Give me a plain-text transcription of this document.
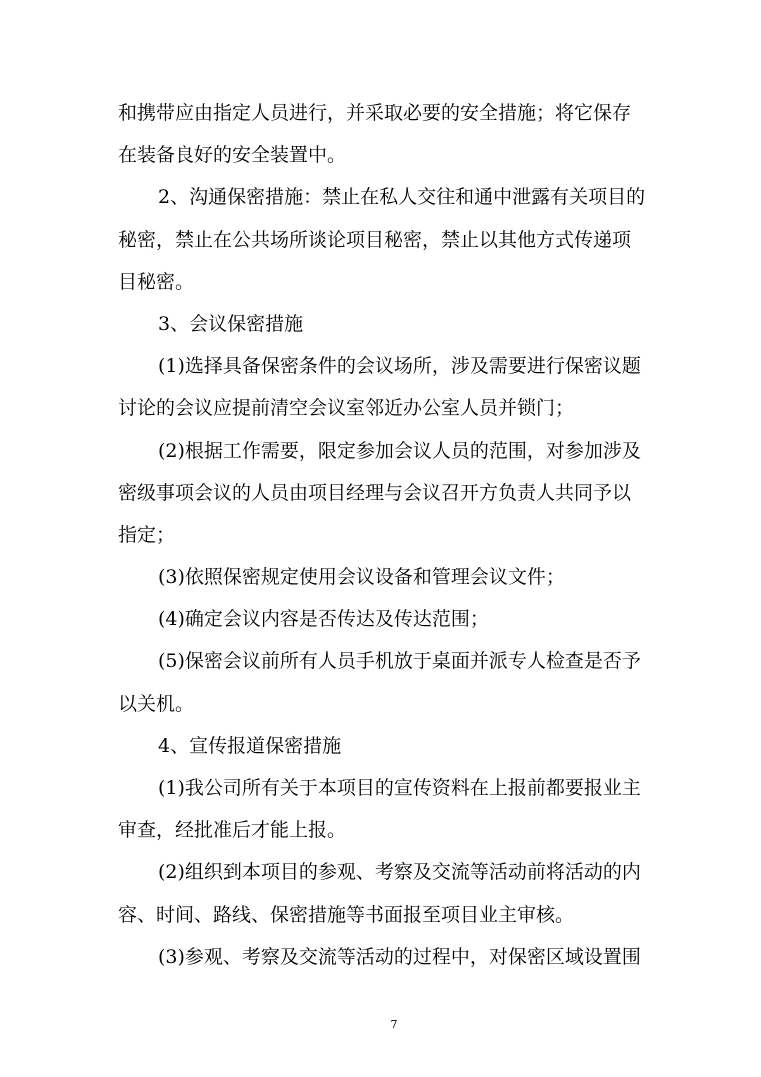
和携带应由指定人员进行，并采取必要的安全措施；将它保存
在装备良好的安全装置中。
2、沟通保密措施：禁止在私人交往和通中泄露有关项目的
秘密，禁止在公共场所谈论项目秘密，禁止以其他方式传递项
目秘密。
3、会议保密措施
(1)选择具备保密条件的会议场所，涉及需要进行保密议题
讨论的会议应提前清空会议室邻近办公室人员并锁门；
(2)根据工作需要，限定参加会议人员的范围，对参加涉及
密级事项会议的人员由项目经理与会议召开方负责人共同予以
指定；
(3)依照保密规定使用会议设备和管理会议文件；
(4)确定会议内容是否传达及传达范围；
(5)保密会议前所有人员手机放于桌面并派专人检查是否予
以关机。
4、宣传报道保密措施
(1)我公司所有关于本项目的宣传资料在上报前都要报业主
审查，经批准后才能上报。
(2)组织到本项目的参观、考察及交流等活动前将活动的内
容、时间、路线、保密措施等书面报至项目业主审核。
(3)参观、考察及交流等活动的过程中，对保密区域设置围
7
